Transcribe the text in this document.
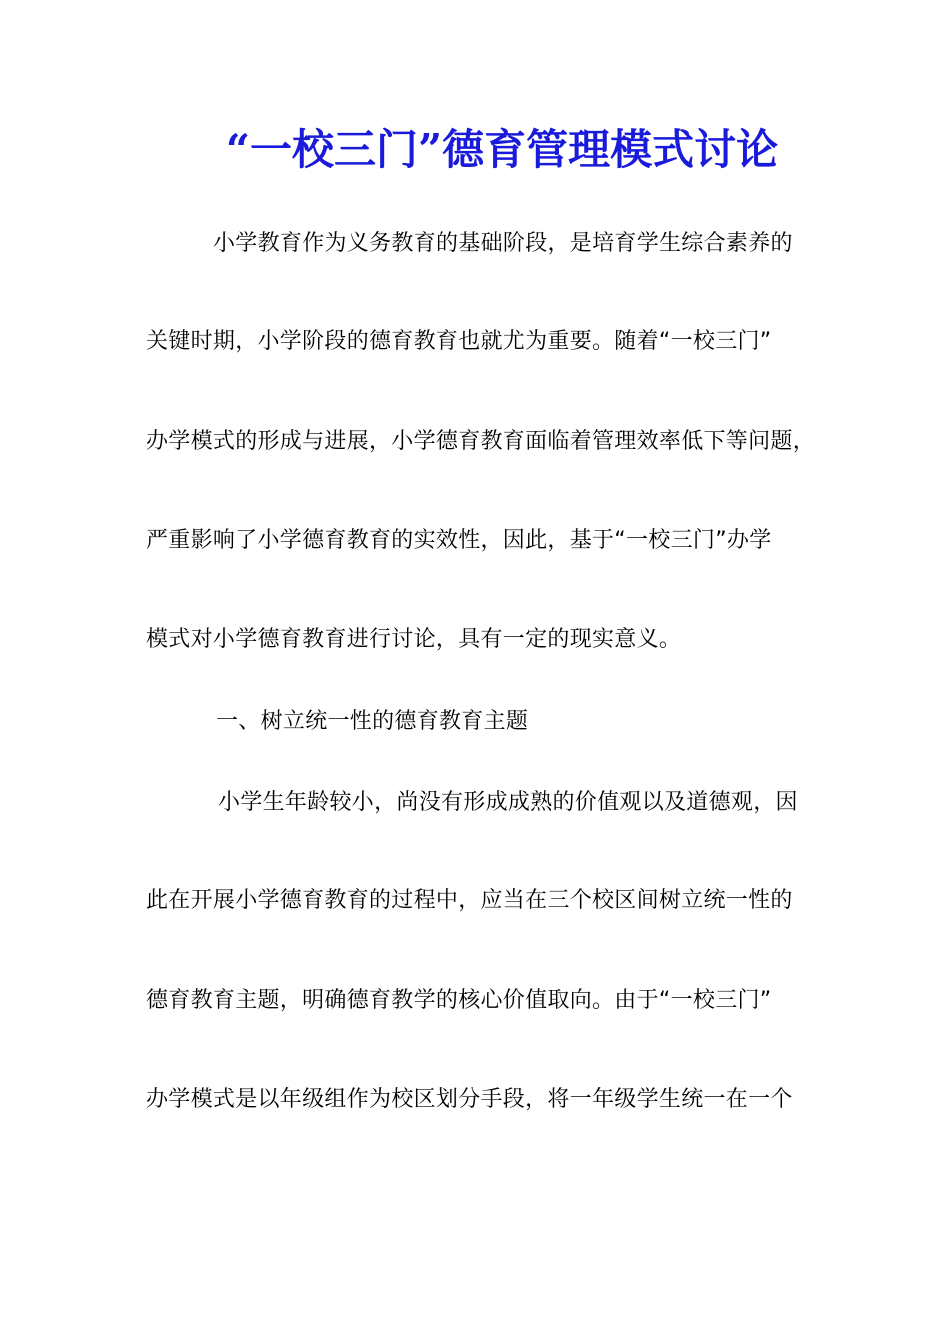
“一校三门”德育管理模式讨论
小学教育作为义务教育的基础阶段，是培育学生综合素养的
关键时期，小学阶段的德育教育也就尤为重要。随着“一校三门”
办学模式的形成与进展，小学德育教育面临着管理效率低下等问题，
严重影响了小学德育教育的实效性，因此，基于“一校三门”办学
模式对小学德育教育进行讨论，具有一定的现实意义。
一、树立统一性的德育教育主题
小学生年龄较小，尚没有形成成熟的价值观以及道德观，因
此在开展小学德育教育的过程中，应当在三个校区间树立统一性的
德育教育主题，明确德育教学的核心价值取向。由于“一校三门”
办学模式是以年级组作为校区划分手段，将一年级学生统一在一个
